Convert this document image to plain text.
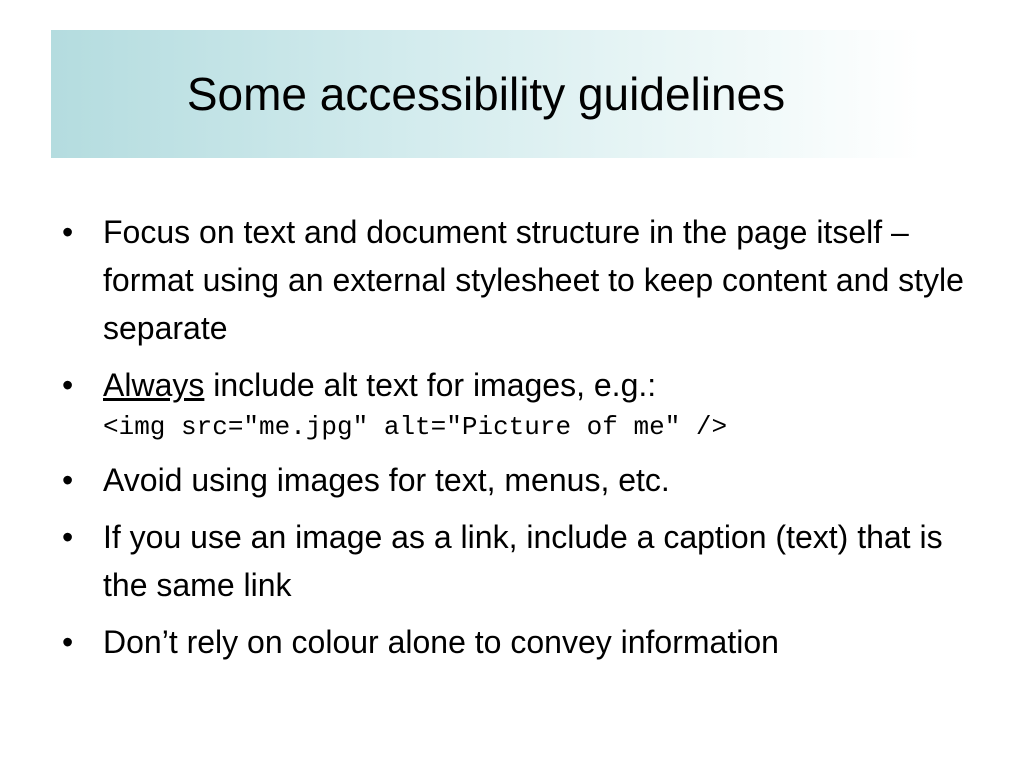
Some accessibility guidelines
• Focus on text and document structure in the page itself – format using an external stylesheet to keep content and style separate
• Always include alt text for images, e.g.:
<img src="me.jpg" alt="Picture of me" />
• Avoid using images for text, menus, etc.
• If you use an image as a link, include a caption (text) that is the same link
• Don’t rely on colour alone to convey information
